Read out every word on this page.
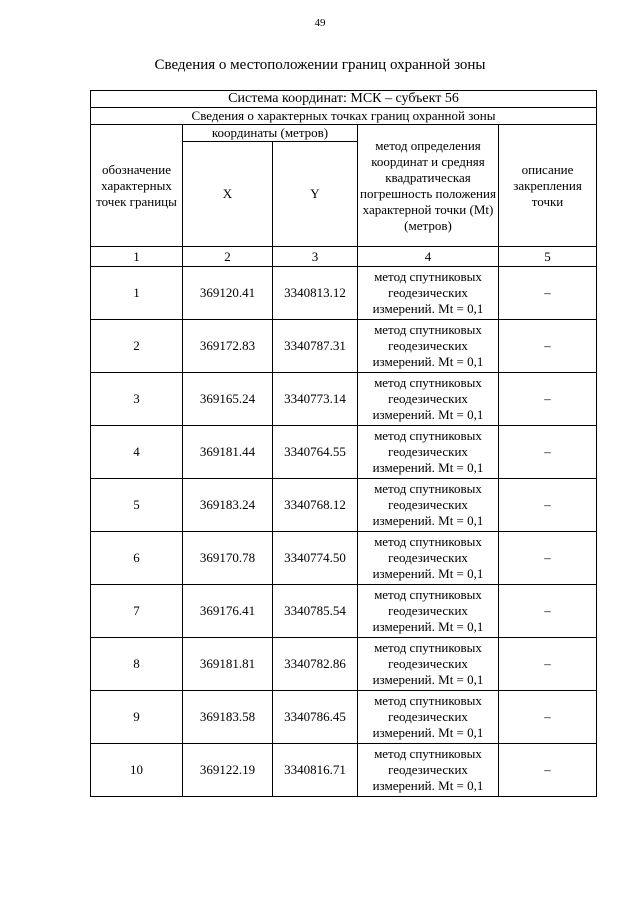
49
Сведения о местоположении границ охранной зоны
Система координат: МСК – субъект 56				
Сведения о характерных точках границ охранной зоны				
обозначение характерных точек границы	координаты (метров)		метод определения координат и средняя квадратическая погрешность положения характерной точки (Mt) (метров)	описание закрепления точки
	X	Y		
1	2	3	4	5
1	369120.41	3340813.12	метод спутниковых геодезических измерений. Mt = 0,1	–
2	369172.83	3340787.31	метод спутниковых геодезических измерений. Mt = 0,1	–
3	369165.24	3340773.14	метод спутниковых геодезических измерений. Mt = 0,1	–
4	369181.44	3340764.55	метод спутниковых геодезических измерений. Mt = 0,1	–
5	369183.24	3340768.12	метод спутниковых геодезических измерений. Mt = 0,1	–
6	369170.78	3340774.50	метод спутниковых геодезических измерений. Mt = 0,1	–
7	369176.41	3340785.54	метод спутниковых геодезических измерений. Mt = 0,1	–
8	369181.81	3340782.86	метод спутниковых геодезических измерений. Mt = 0,1	–
9	369183.58	3340786.45	метод спутниковых геодезических измерений. Mt = 0,1	–
10	369122.19	3340816.71	метод спутниковых геодезических измерений. Mt = 0,1	–
